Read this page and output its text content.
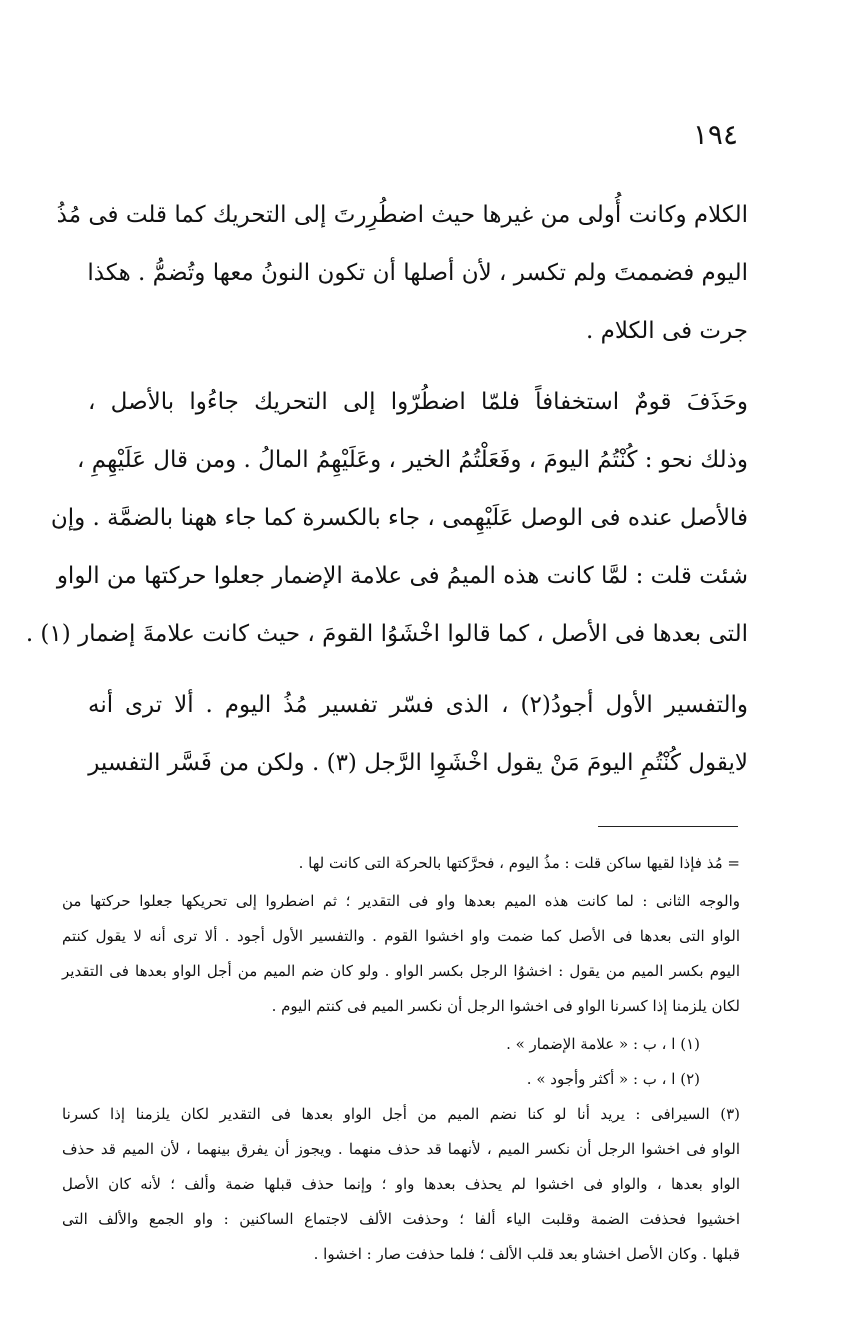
١٩٤
الكلام وكانت أُولى من غيرها حيث اضطُرِرتَ إلى التحريك كما قلت فى مُذُ
اليوم فضممتَ ولم تكسر ، لأن أصلها أن تكون النونُ معها وتُضمُّ . هكذا
جرت فى الكلام .
وحَذَفَ قومٌ استخفافاً فلمّا اضطُرّوا إلى التحريك جاءُوا بالأصل ،
وذلك نحو : كُنْتُمُ اليومَ ، وفَعَلْتُمُ الخير ، وعَلَيْهِمُ المالُ . ومن قال عَلَيْهِمِ ،
فالأصل عنده فى الوصل عَلَيْهِمى ، جاء بالكسرة كما جاء ههنا بالضمَّة . وإن
شئت قلت : لمَّا كانت هذه الميمُ فى علامة الإضمار جعلوا حركتها من الواو
التى بعدها فى الأصل ، كما قالوا اخْشَوُا القومَ ، حيث كانت علامةَ إضمار (١) .
والتفسير الأول أجودُ(٢) ، الذى فسّر تفسير مُذُ اليوم . ألا ترى أنه
لايقول كُنْتُمِ اليومَ مَنْ يقول اخْشَوِا الرَّجل (٣) . ولكن من فَسَّر التفسير
= مُذ فإذا لقيها ساكن قلت : مذُ اليوم ، فحرَّكتها بالحركة التى كانت لها .
والوجه الثانى : لما كانت هذه الميم بعدها واو فى التقدير ؛ ثم اضطروا إلى تحريكها جعلوا حركتها من
الواو التى بعدها فى الأصل كما ضمت واو اخشوا القوم . والتفسير الأول أجود . ألا ترى أنه لا يقول كنتم
اليوم بكسر الميم من يقول : اخشوُا الرجل بكسر الواو . ولو كان ضم الميم من أجل الواو بعدها فى التقدير
لكان يلزمنا إذا كسرنا الواو فى اخشوا الرجل أن نكسر الميم فى كنتم اليوم .
(١) ا ، ب : « علامة الإضمار » .
(٢) ا ، ب : « أكثر وأجود » .
(٣) السيرافى : يريد أنا لو كنا نضم الميم من أجل الواو بعدها فى التقدير لكان يلزمنا إذا كسرنا
الواو فى اخشوا الرجل أن نكسر الميم ، لأنهما قد حذف منهما . ويجوز أن يفرق بينهما ، لأن الميم قد حذف
الواو بعدها ، والواو فى اخشوا لم يحذف بعدها واو ؛ وإنما حذف قبلها ضمة وألف ؛ لأنه كان الأصل
اخشيوا فحذفت الضمة وقلبت الياء ألفا ؛ وحذفت الألف لاجتماع الساكنين : واو الجمع والألف التى
قبلها . وكان الأصل اخشاو بعد قلب الألف ؛ فلما حذفت صار : اخشوا .
